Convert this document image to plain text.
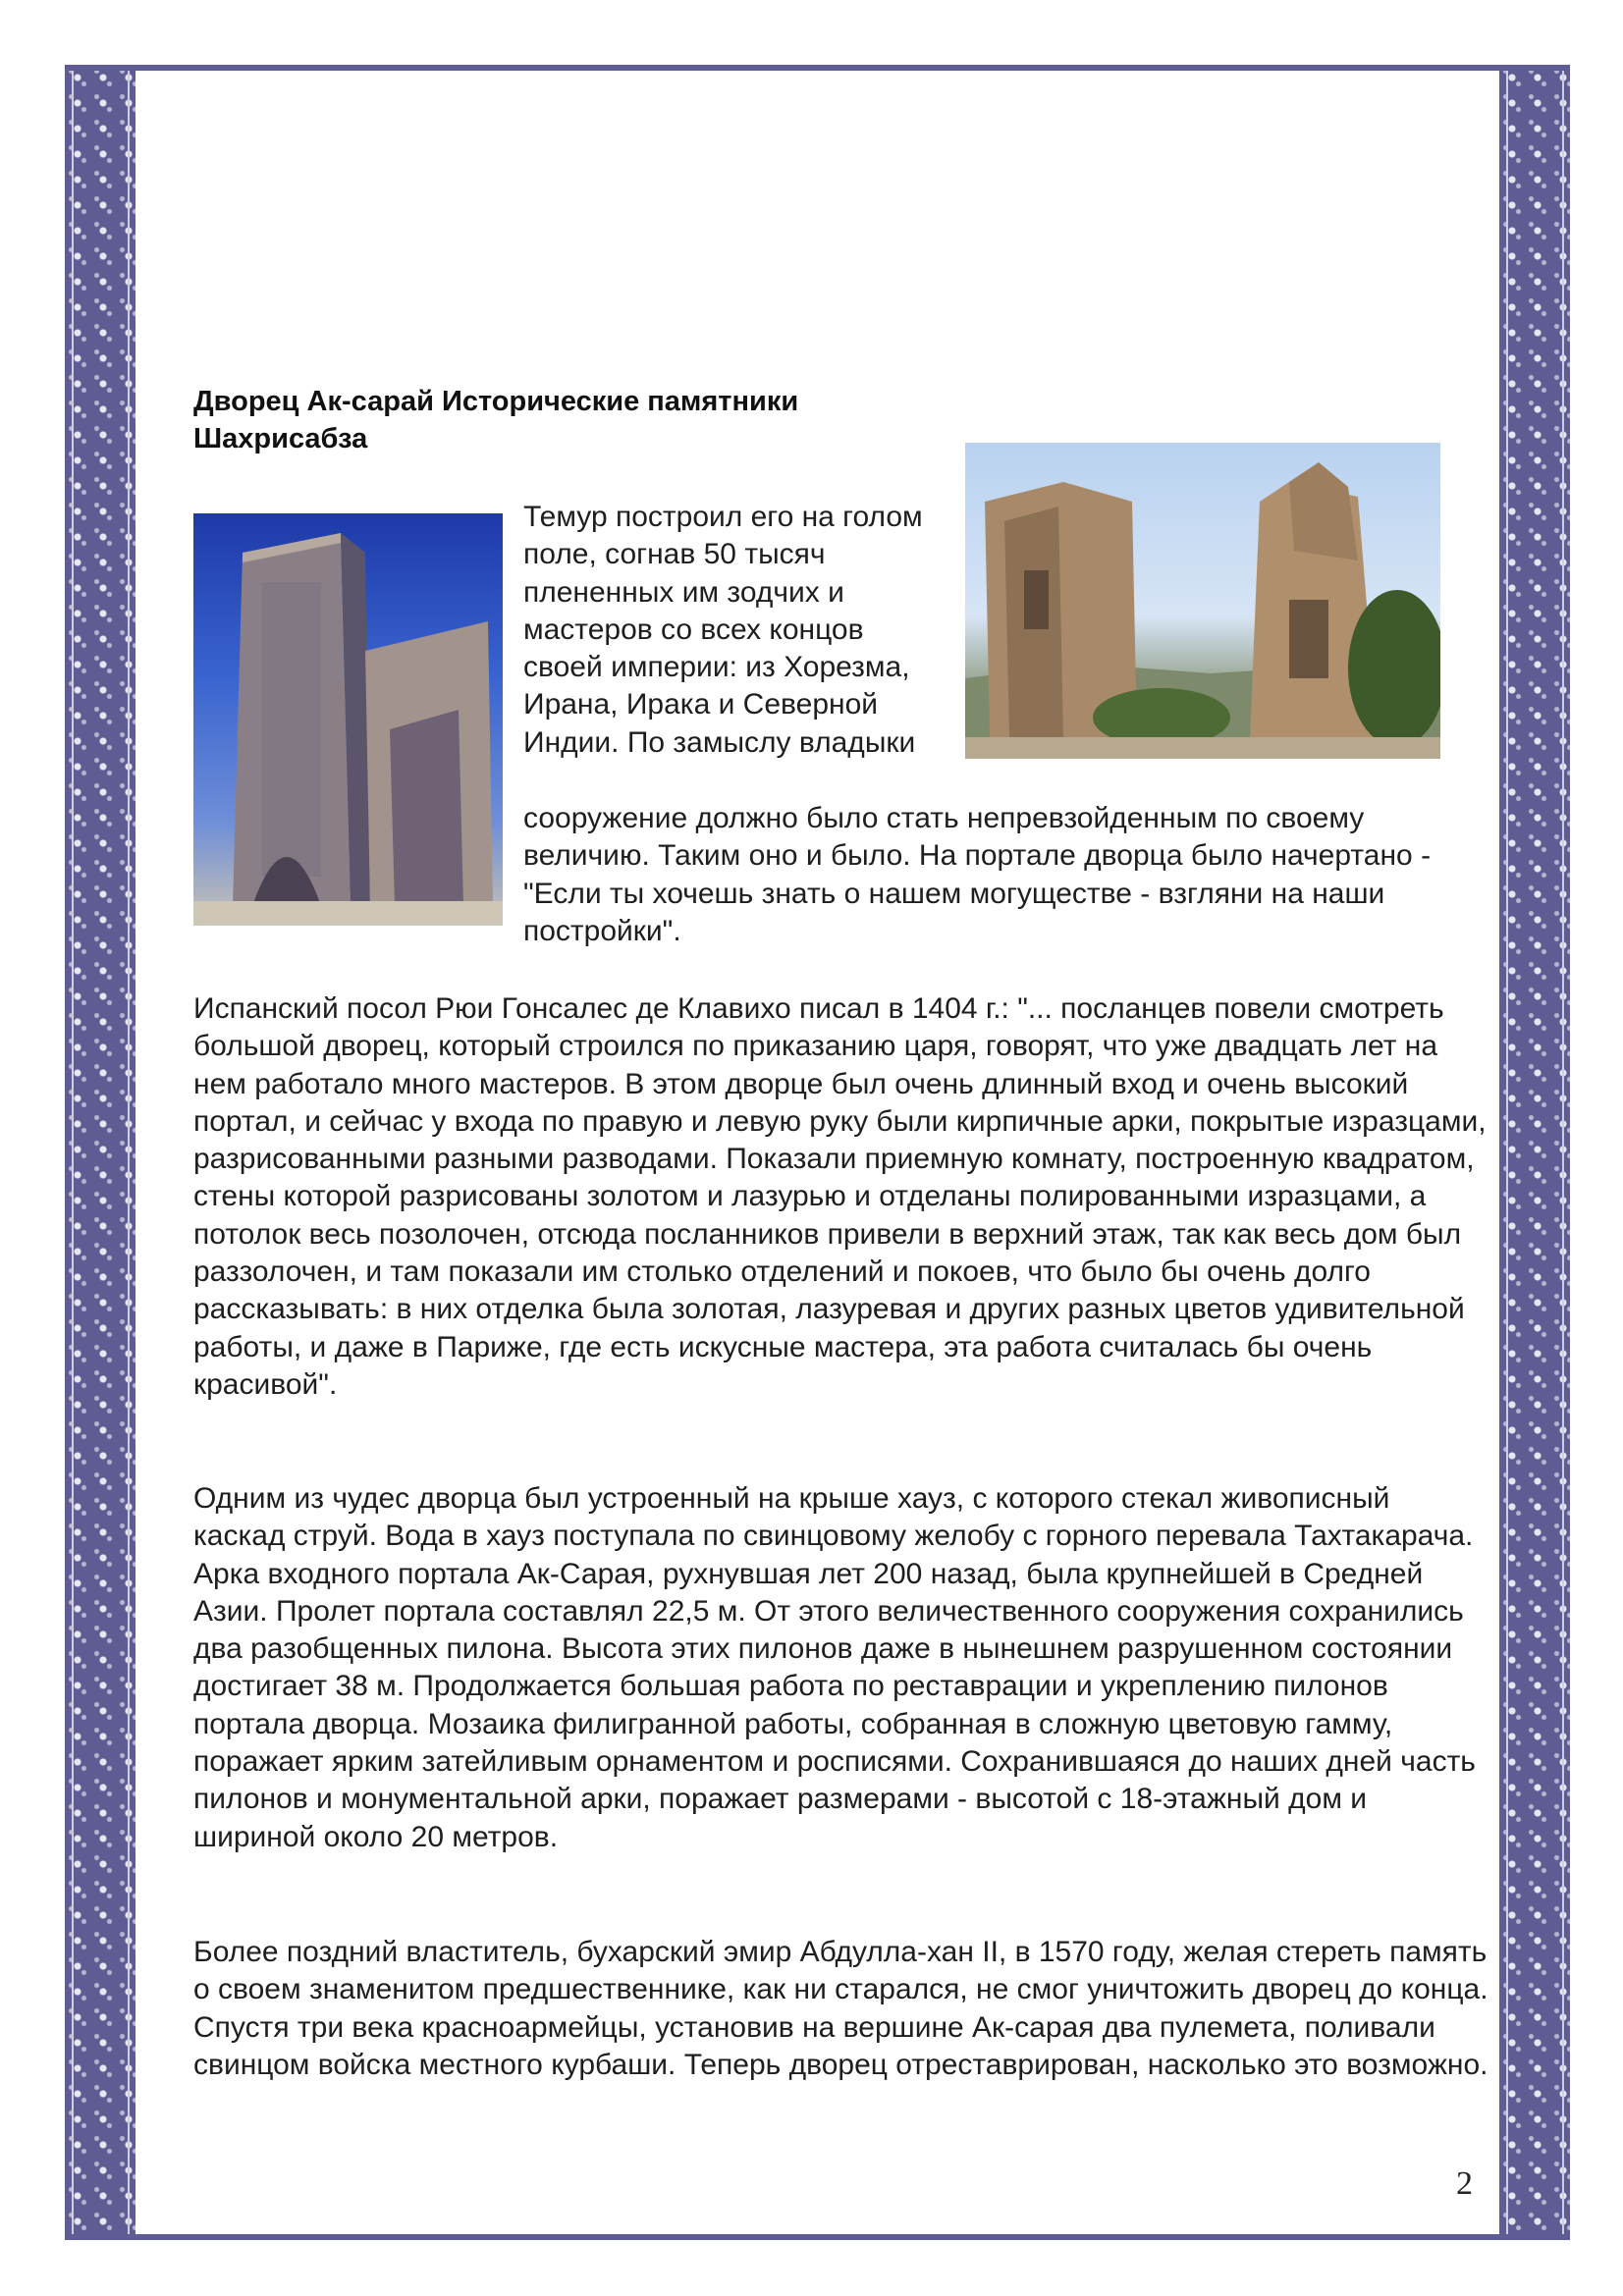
Дворец Ак-сарай Исторические памятники Шахрисабза

Темур построил его на голом поле, согнав 50 тысяч плененных им зодчих и мастеров со всех концов своей империи: из Хорезма, Ирана, Ирака и Северной Индии. По замыслу владыки

сооружение должно было стать непревзойденным по своему величию. Таким оно и было. На портале дворца было начертано - "Если ты хочешь знать о нашем могуществе - взгляни на наши постройки".

Испанский посол Рюи Гонсалес де Клавихо писал в 1404 г.: "... посланцев повели смотреть большой дворец, который строился по приказанию царя, говорят, что уже двадцать лет на нем работало много мастеров. В этом дворце был очень длинный вход и очень высокий портал, и сейчас у входа по правую и левую руку были кирпичные арки, покрытые изразцами, разрисованными разными разводами. Показали приемную комнату, построенную квадратом, стены которой разрисованы золотом и лазурью и отделаны полированными изразцами, а потолок весь позолочен, отсюда посланников привели в верхний этаж, так как весь дом был раззолочен, и там показали им столько отделений и покоев, что было бы очень долго рассказывать: в них отделка была золотая, лазуревая и других разных цветов удивительной работы, и даже в Париже, где есть искусные мастера, эта работа считалась бы очень красивой".

Одним из чудес дворца был устроенный на крыше хауз, с которого стекал живописный каскад струй. Вода в хауз поступала по свинцовому желобу с горного перевала Тахтакарача. Арка входного портала Ак-Сарая, рухнувшая лет 200 назад, была крупнейшей в Средней Азии. Пролет портала составлял 22,5 м. От этого величественного сооружения сохранились два разобщенных пилона. Высота этих пилонов даже в нынешнем разрушенном состоянии достигает 38 м. Продолжается большая работа по реставрации и укреплению пилонов портала дворца. Мозаика филигранной работы, собранная в сложную цветовую гамму, поражает ярким затейливым орнаментом и росписями. Сохранившаяся до наших дней часть пилонов и монументальной арки, поражает размерами - высотой с 18-этажный дом и шириной около 20 метров.

Более поздний властитель, бухарский эмир Абдулла-хан II, в 1570 году, желая стереть память о своем знаменитом предшественнике, как ни старался, не смог уничтожить дворец до конца. Спустя три века красноармейцы, установив на вершине Ак-сарая два пулемета, поливали свинцом войска местного курбаши. Теперь дворец отреставрирован, насколько это возможно.

2
